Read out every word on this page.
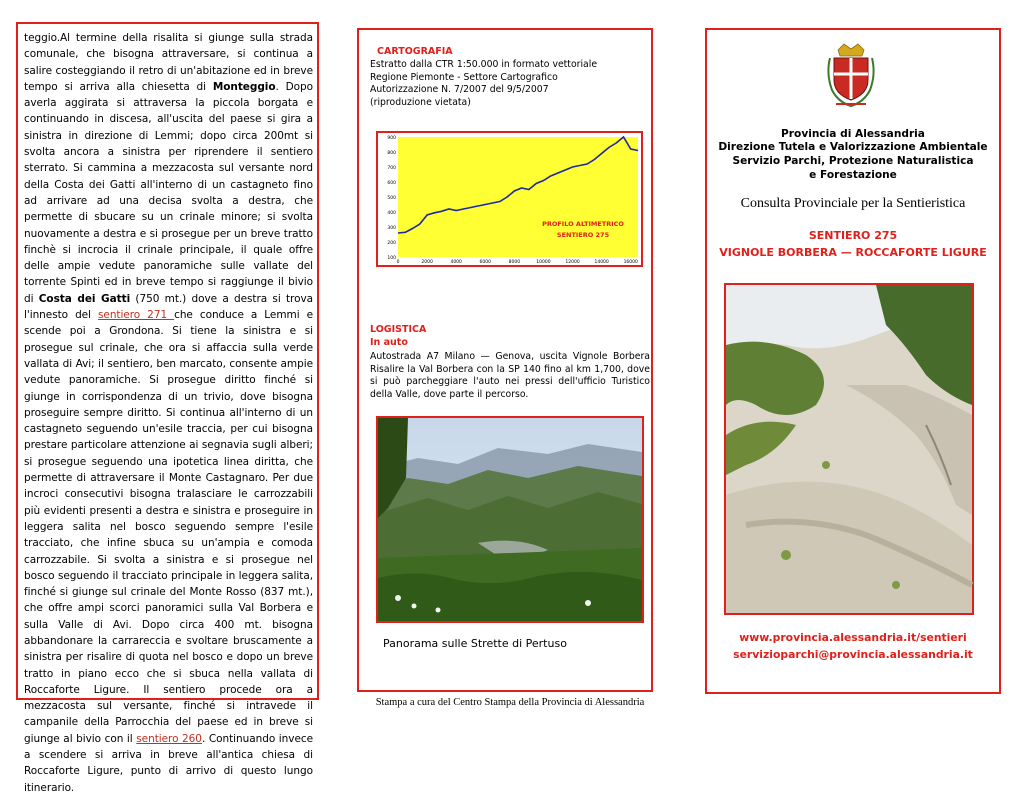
teggio.Al termine della risalita si giunge sulla strada comunale, che bisogna attraversare, si continua a salire costeggiando il retro di un'abitazione ed in breve tempo si arriva alla chiesetta di Monteggio. Dopo averla aggirata si attraversa la piccola borgata e continuando in discesa, all'uscita del paese si gira a sinistra in direzione di Lemmi; dopo circa 200mt si svolta ancora a sinistra per riprendere il sentiero sterrato. Si cammina a mezzacosta sul versante nord della Costa dei Gatti all'interno di un castagneto fino ad arrivare ad una decisa svolta a destra, che permette di sbucare su un crinale minore; si svolta nuovamente a destra e si prosegue per un breve tratto finchè si incrocia il crinale principale, il quale offre delle ampie vedute panoramiche sulle vallate del torrente Spinti ed in breve tempo si raggiunge il bivio di Costa dei Gatti (750 mt.) dove a destra si trova l'innesto del sentiero 271 che conduce a Lemmi e scende poi a Grondona. Si tiene la sinistra e si prosegue sul crinale, che ora si affaccia sulla verde vallata di Avi; il sentiero, ben marcato, consente ampie vedute panoramiche. Si prosegue diritto finché si giunge in corrispondenza di un trivio, dove bisogna proseguire sempre diritto. Si continua all'interno di un castagneto seguendo un'esile traccia, per cui bisogna prestare particolare attenzione ai segnavia sugli alberi; si prosegue seguendo una ipotetica linea diritta, che permette di attraversare il Monte Castagnaro. Per due incroci consecutivi bisogna tralasciare le carrozzabili più evidenti presenti a destra e sinistra e proseguire in leggera salita nel bosco seguendo sempre l'esile tracciato, che infine sbuca su un'ampia e comoda carrozzabile. Si svolta a sinistra e si prosegue nel bosco seguendo il tracciato principale in leggera salita, finché si giunge sul crinale del Monte Rosso (837 mt.), che offre ampi scorci panoramici sulla Val Borbera e sulla Valle di Avi. Dopo circa 400 mt. bisogna abbandonare la carrareccia e svoltare bruscamente a sinistra per risalire di quota nel bosco e dopo un breve tratto in piano ecco che si sbuca nella vallata di Roccaforte Ligure. Il sentiero procede ora a mezzacosta sul versante, finché si intravede il campanile della Parrocchia del paese ed in breve si giunge al bivio con il sentiero 260. Continuando invece a scendere si arriva in breve all'antica chiesa di Roccaforte Ligure, punto di arrivo di questo lungo itinerario.
CARTOGRAFIA
Estratto dalla CTR 1:50.000 in formato vettoriale
Regione Piemonte - Settore Cartografico
Autorizzazione N. 7/2007 del 9/5/2007
(riproduzione vietata)
900
800
700
600
500
400
300
200
100
0	2000	4000	6000	8000	10000	12000	14000	16000
PROFILO ALTIMETRICO
SENTIERO 275
LOGISTICA
In auto
Autostrada A7 Milano — Genova, uscita Vignole Borbera Risalire la Val Borbera con la SP 140 fino al km 1,700, dove si può parcheggiare l'auto nei pressi dell'ufficio Turistico della Valle, dove parte il percorso.
Panorama sulle Strette di Pertuso
Stampa a cura del Centro Stampa della Provincia di Alessandria
Provincia di Alessandria
Direzione Tutela e Valorizzazione Ambientale
Servizio Parchi, Protezione Naturalistica
e Forestazione
Consulta Provinciale per la Sentieristica
SENTIERO 275
VIGNOLE BORBERA — ROCCAFORTE LIGURE
www.provincia.alessandria.it/sentieri
servizioparchi@provincia.alessandria.it
